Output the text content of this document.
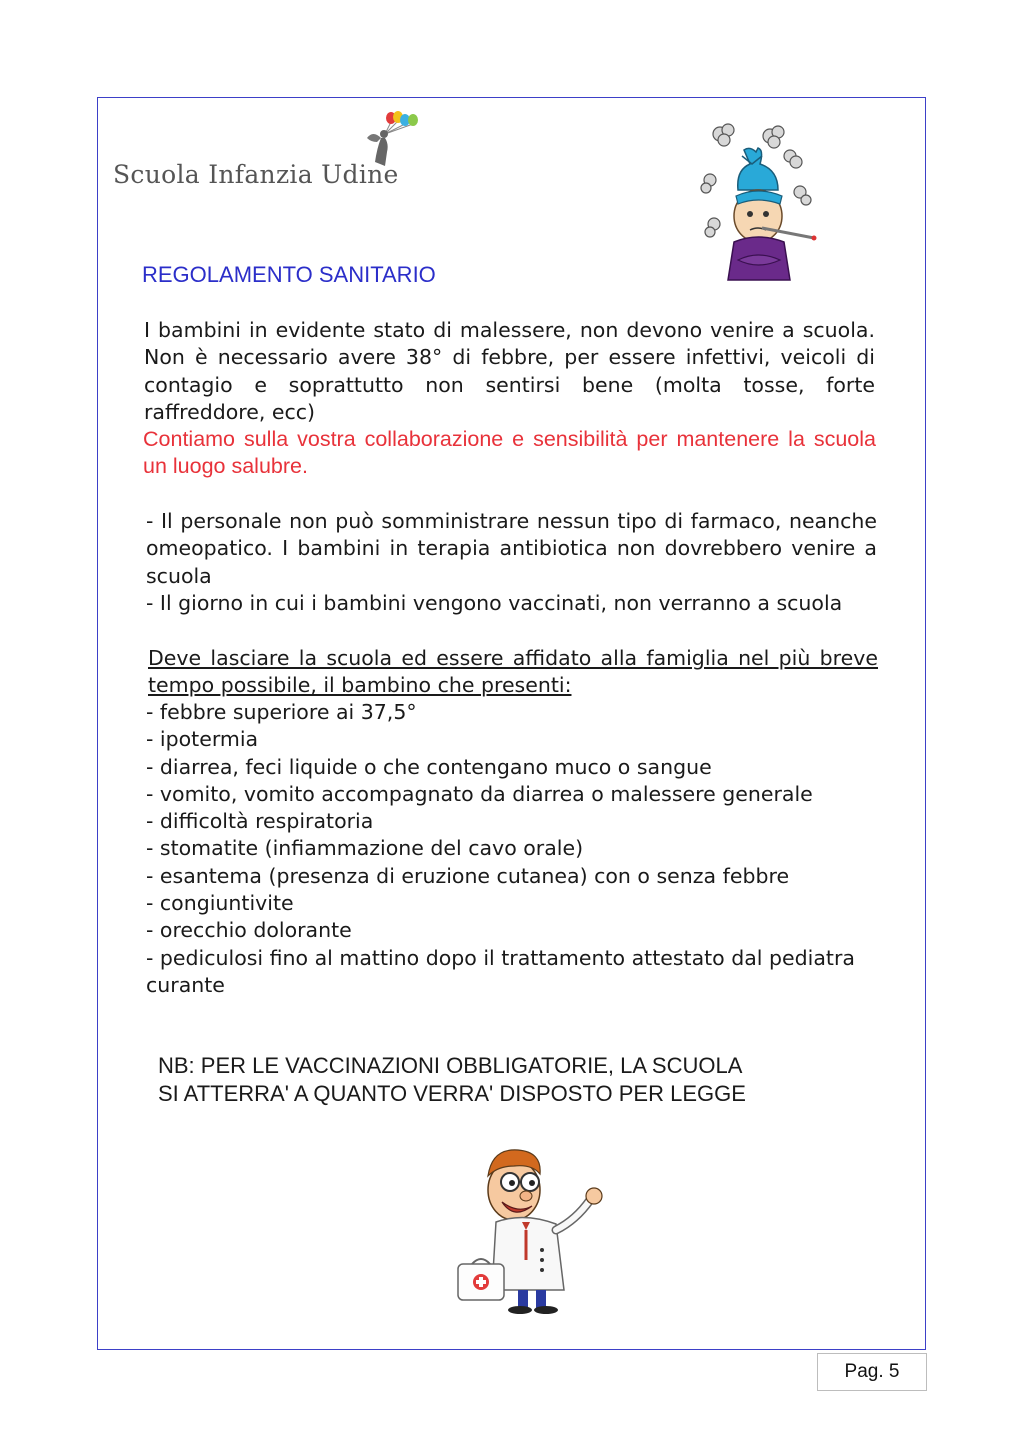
Scuola Infanzia Udine
REGOLAMENTO SANITARIO

I bambini in evidente stato di malessere, non devono venire a scuola. Non è necessario avere 38° di febbre, per essere infettivi, veicoli di contagio e soprattutto non sentirsi bene (molta tosse, forte raffreddore, ecc)

Contiamo sulla vostra collaborazione e sensibilità per mantenere la scuola un luogo salubre.

- Il personale non può somministrare nessun tipo di farmaco, neanche omeopatico. I bambini in terapia antibiotica non dovrebbero venire a scuola

- Il giorno in cui i bambini vengono vaccinati, non verranno a scuola

Deve lasciare la scuola ed essere affidato alla famiglia nel più breve tempo possibile, il bambino che presenti:

- febbre superiore ai 37,5°
- ipotermia
- diarrea, feci liquide o che contengano muco o sangue
- vomito, vomito accompagnato da diarrea o malessere generale
- difficoltà respiratoria
- stomatite (infiammazione del cavo orale)
- esantema (presenza di eruzione cutanea) con o senza febbre
- congiuntivite
- orecchio dolorante
- pediculosi fino al mattino dopo il trattamento attestato dal pediatra curante
NB: PER LE VACCINAZIONI OBBLIGATORIE, LA SCUOLA
SI ATTERRA' A QUANTO VERRA' DISPOSTO PER LEGGE
Pag. 5
